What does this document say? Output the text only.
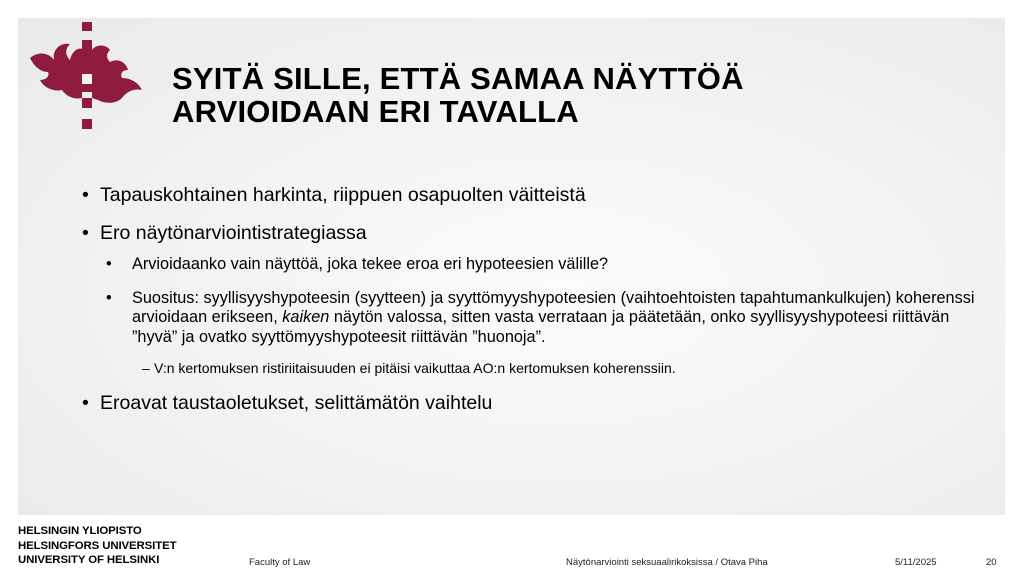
SYITÄ SILLE, ETTÄ SAMAA NÄYTTÖÄ
ARVIOIDAAN ERI TAVALLA
• Tapauskohtainen harkinta, riippuen osapuolten väitteistä
• Ero näytönarviointistrategiassa
• Arvioidaanko vain näyttöä, joka tekee eroa eri hypoteesien välille?
• Suositus: syyllisyyshypoteesin (syytteen) ja syyttömyyshypoteesien (vaihtoehtoisten tapahtumankulkujen) koherenssi arvioidaan erikseen, kaiken näytön valossa, sitten vasta verrataan ja päätetään, onko syyllisyyshypoteesi riittävän ”hyvä” ja ovatko syyttömyyshypoteesit riittävän ”huonoja”.
– V:n kertomuksen ristiriitaisuuden ei pitäisi vaikuttaa AO:n kertomuksen koherenssiin.
• Eroavat taustaoletukset, selittämätön vaihtelu
HELSINGIN YLIOPISTO
HELSINGFORS UNIVERSITET
UNIVERSITY OF HELSINKI	Faculty of Law	Näytönarviointi seksuaalirikoksissa / Otava Piha	5/11/2025	20
